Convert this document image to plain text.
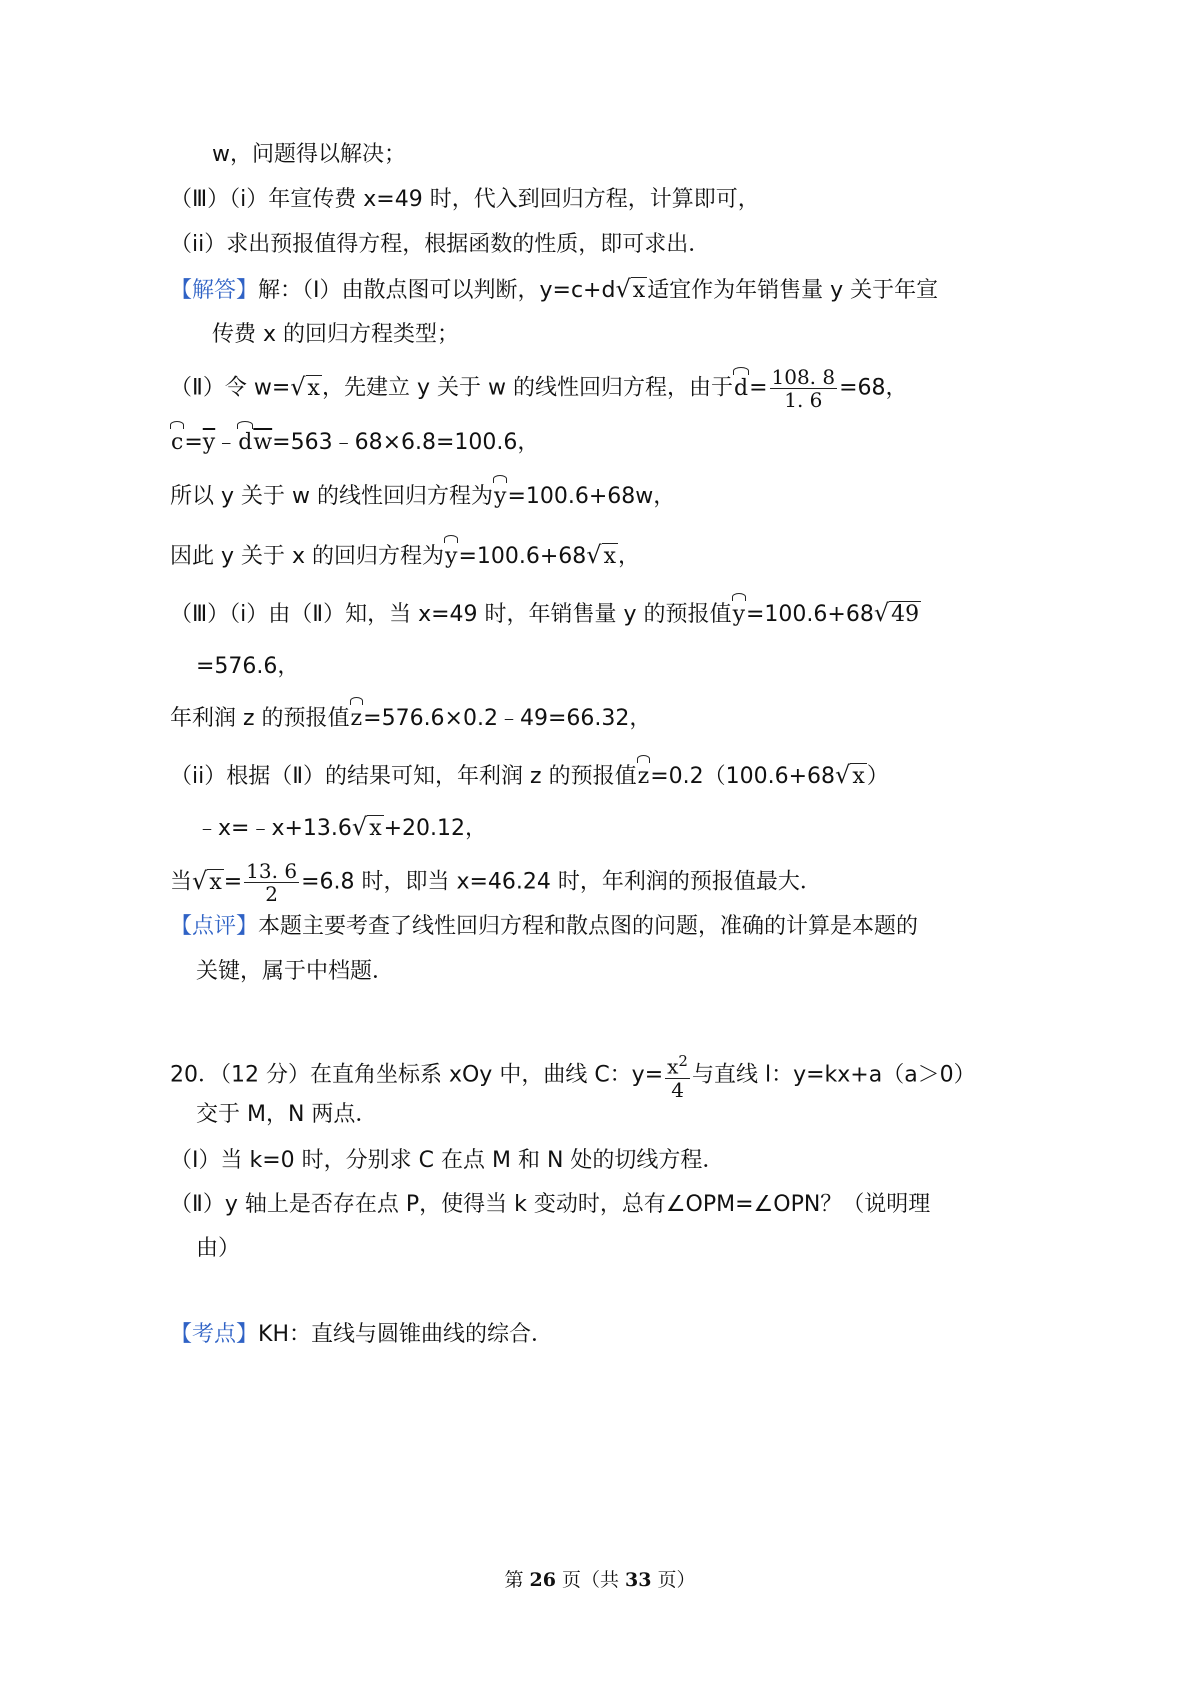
w，问题得以解决；
（Ⅲ）（i）年宣传费 x=49 时，代入到回归方程，计算即可，
（ii）求出预报值得方程，根据函数的性质，即可求出．
【解答】解：（Ⅰ）由散点图可以判断，y=c+d√x适宜作为年销售量 y 关于年宣
传费 x 的回归方程类型；
（Ⅱ）令 w=√x，先建立 y 关于 w 的线性回归方程，由于$d= \frac{108. 8}{1. 6} =68$，
$c=\overline{y}﹣d\overline{w}=563﹣68\times 6.8=100.6$，
所以 y 关于 w 的线性回归方程为y=100.6+68w，
因此 y 关于 x 的回归方程为y=100.6+68√x，
（Ⅲ）（i）由（Ⅱ）知，当 x=49 时，年销售量 y 的预报值y=100.6+68√49
=576.6，
年利润 z 的预报值z=576.6×0.2﹣49=66.32，
（ii）根据（Ⅱ）的结果可知，年利润 z 的预报值z=0.2（100.6+68√x）
﹣x=﹣x+13.6√x+20.12，
当$√x= \frac{13. 6}{2} =6.8$ 时，即当 x=46.24 时，年利润的预报值最大．
【点评】本题主要考查了线性回归方程和散点图的问题，准确的计算是本题的
关键，属于中档题．
20．（12 分）在直角坐标系 xOy 中，曲线 C：$y= \frac{x^2}{4}$ 与直线 l：y=kx+a（a＞0）
交于 M，N 两点．
（Ⅰ）当 k=0 时，分别求 C 在点 M 和 N 处的切线方程．
（Ⅱ）y 轴上是否存在点 P，使得当 k 变动时，总有∠OPM=∠OPN？（说明理
由）
【考点】KH：直线与圆锥曲线的综合．
第 26 页（共 33 页）
